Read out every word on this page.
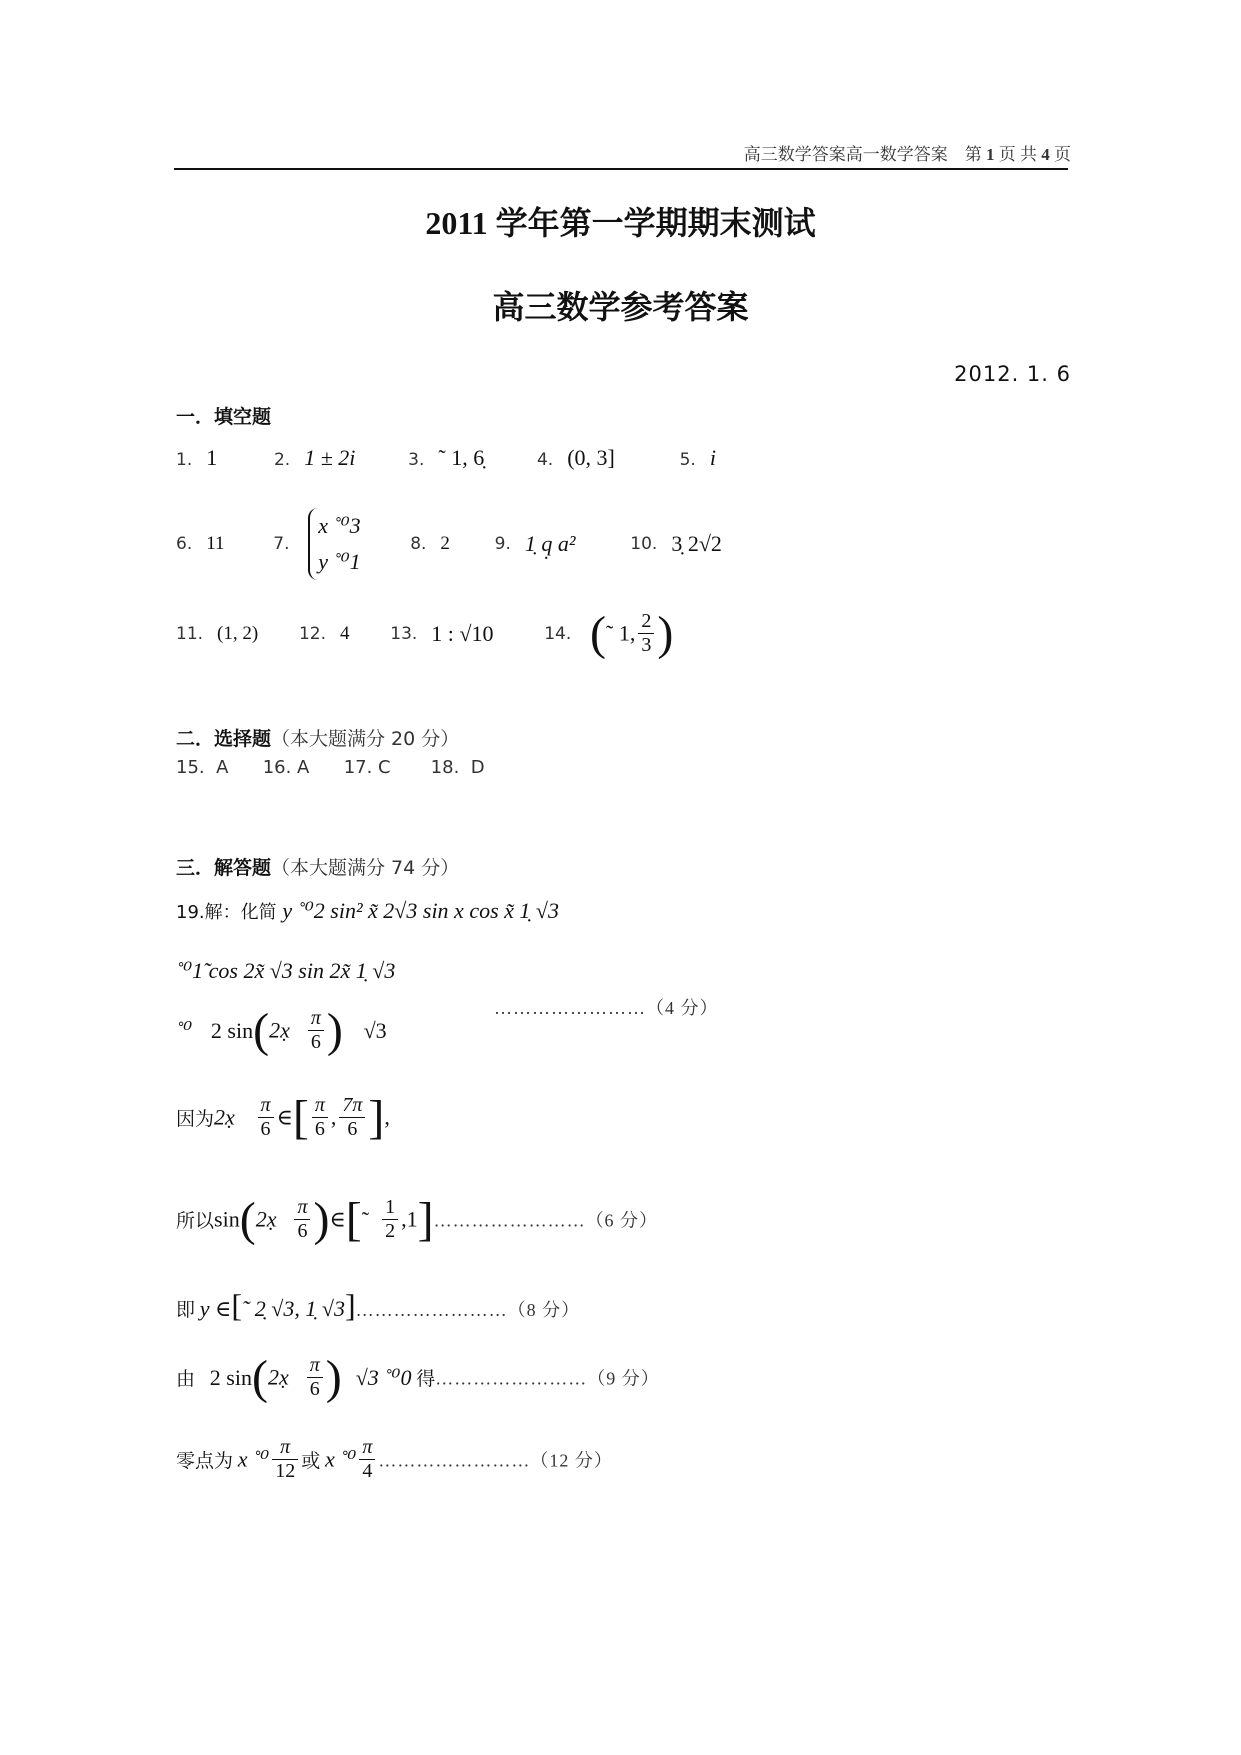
高三数学答案高一数学答案　第 1 页 共 4 页
2011 学年第一学期期末测试
高三数学参考答案
2012. 1. 6
一．填空题
1. 1	2. 1 ± 2i	3. ˜ 1, 6̣	4. (0, 3]	5. i
6. 11	7.
x ˚⁰3
y ˚⁰1
8. 2	9. 1̣ q̣ a²	10. 3̣ 2√2
11. (1, 2) 12. 4 13. 1 : √10	14. (˜ 1, $\frac{2}{3}$ )
二．选择题（本大题满分 20 分）
15.  A      16. A      17. C       18.  D
三．解答题（本大题满分 74 分）
19.解：化简 y ˚⁰2 sin² x̃ 2√3 sin x cos x̃ 1̣ √3
˚⁰1̃ cos 2x̃ √3 sin 2x̃ 1̣ √3
˚⁰ 2 sin(2x̣ $\frac{\pi}{6}$ ) √3
……………………（4 分）
因为2x̣ $\frac{\pi}{6}$ ∈[ $\frac{\pi}{6}$ , $\frac{7\pi}{6}$ ],
所以sin(2x̣ $\frac{\pi}{6}$ )∈[˜ $\frac{1}{2}$ ,1]……………………（6 分）
即 y ∈[˜ 2̣ √3, 1̣ √3]……………………（8 分）
由 2 sin(2x̣ $\frac{\pi}{6}$ ) √3 ˚⁰0 得……………………（9 分）
零点为 x ˚⁰ $\frac{\pi}{12}$ 或 x ˚⁰ $\frac{\pi}{4}$ ……………………（12 分）
